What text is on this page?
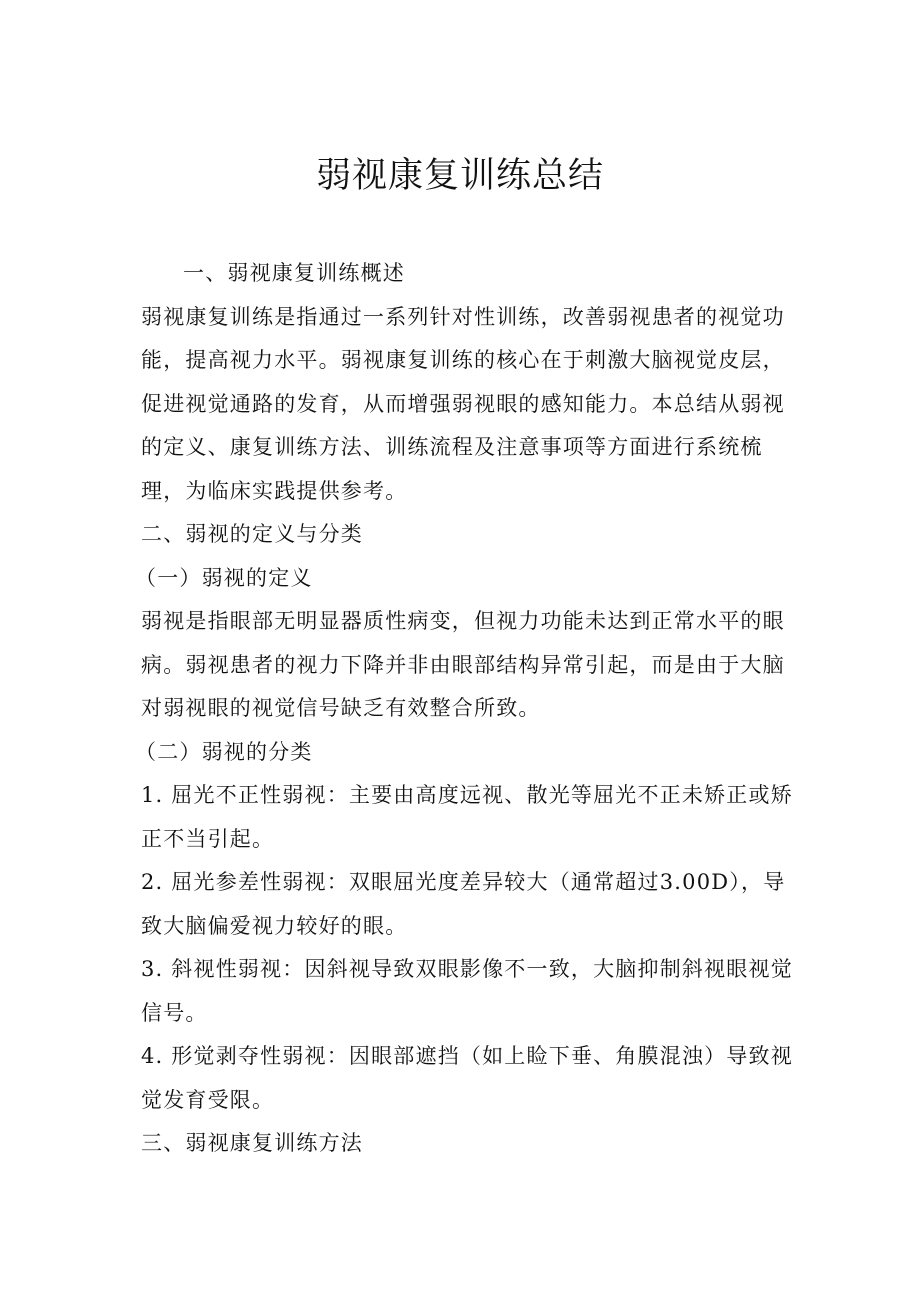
弱视康复训练总结

一、弱视康复训练概述

弱视康复训练是指通过一系列针对性训练，改善弱视患者的视觉功

能，提高视力水平。弱视康复训练的核心在于刺激大脑视觉皮层，

促进视觉通路的发育，从而增强弱视眼的感知能力。本总结从弱视

的定义、康复训练方法、训练流程及注意事项等方面进行系统梳

理，为临床实践提供参考。

二、弱视的定义与分类

（一）弱视的定义

弱视是指眼部无明显器质性病变，但视力功能未达到正常水平的眼

病。弱视患者的视力下降并非由眼部结构异常引起，而是由于大脑

对弱视眼的视觉信号缺乏有效整合所致。

（二）弱视的分类

1. 屈光不正性弱视：主要由高度远视、散光等屈光不正未矫正或矫

正不当引起。

2. 屈光参差性弱视：双眼屈光度差异较大（通常超过3.00D），导

致大脑偏爱视力较好的眼。

3. 斜视性弱视：因斜视导致双眼影像不一致，大脑抑制斜视眼视觉

信号。

4. 形觉剥夺性弱视：因眼部遮挡（如上睑下垂、角膜混浊）导致视

觉发育受限。

三、弱视康复训练方法
